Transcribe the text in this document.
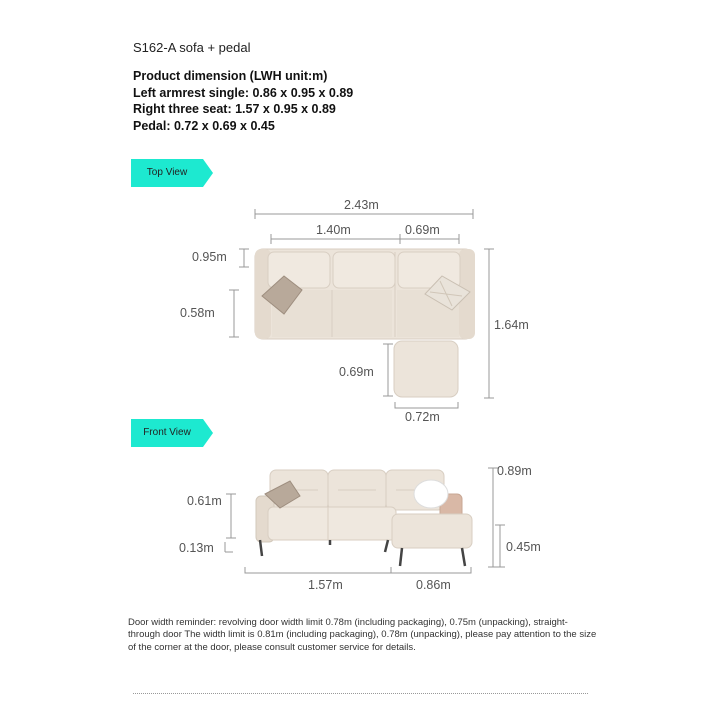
S162-A sofa + pedal
Product dimension (LWH unit:m)
Left armrest single: 0.86 x 0.95 x 0.89
Right three seat: 1.57 x 0.95 x 0.89
Pedal: 0.72 x 0.69 x 0.45
Top View
2.43m
1.40m	0.69m
0.95m
0.58m
1.64m
0.69m
0.72m
Front View
0.61m
0.13m
0.89m
0.45m
1.57m	0.86m
Door width reminder: revolving door width limit 0.78m (including packaging), 0.75m (unpacking), straight-through door The width limit is 0.81m (including packaging), 0.78m (unpacking), please pay attention to the size of the corner at the door, please consult customer service for details.
